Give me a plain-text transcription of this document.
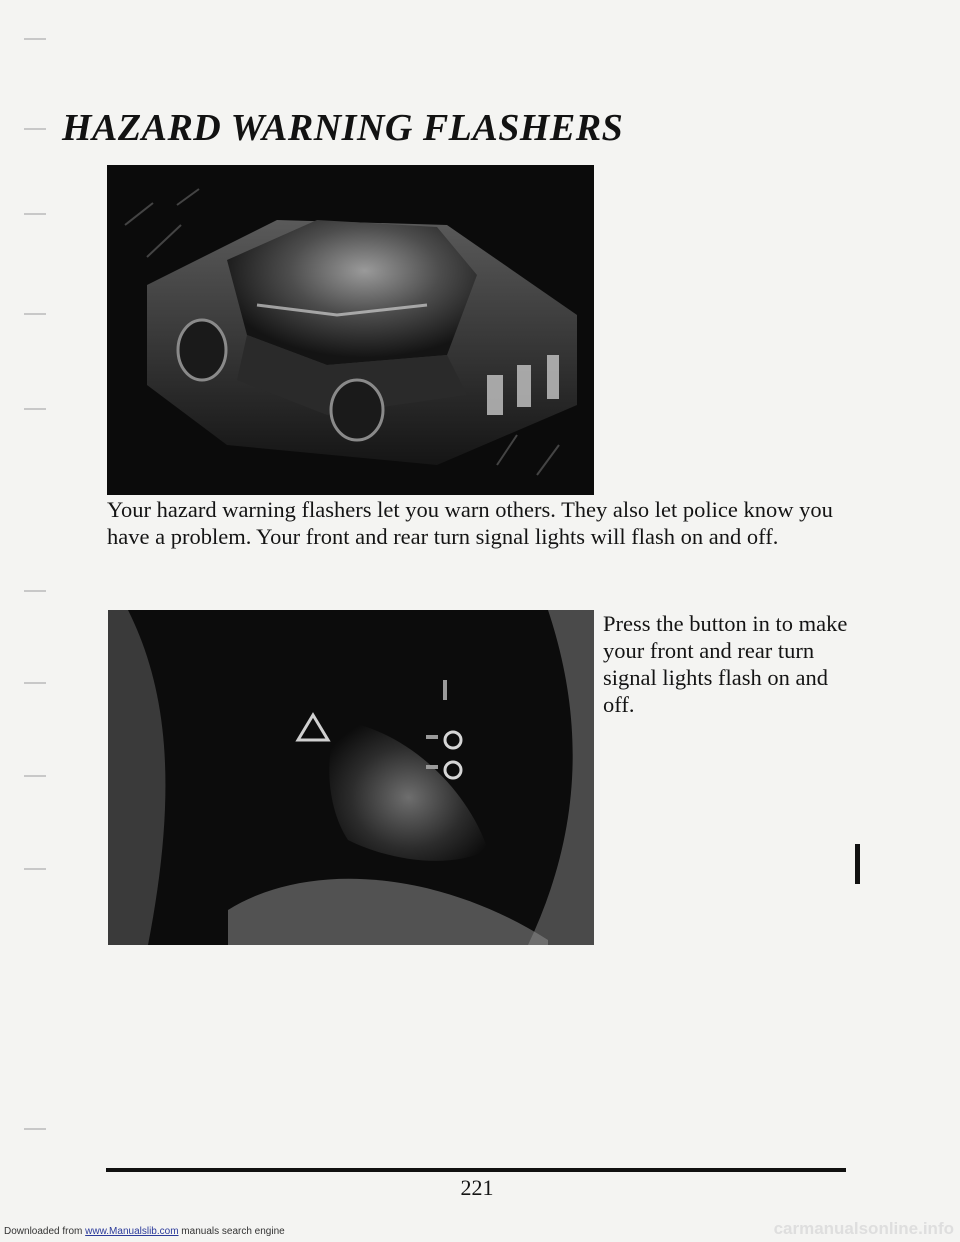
HAZARD WARNING FLASHERS

Your hazard warning flashers let you warn others. They also let police know you have a problem. Your front and rear turn signal lights will flash on and off.

Press the button in to make your front and rear turn signal lights flash on and off.

221

Downloaded from www.Manualslib.com manuals search engine	carmanualsonline.info
